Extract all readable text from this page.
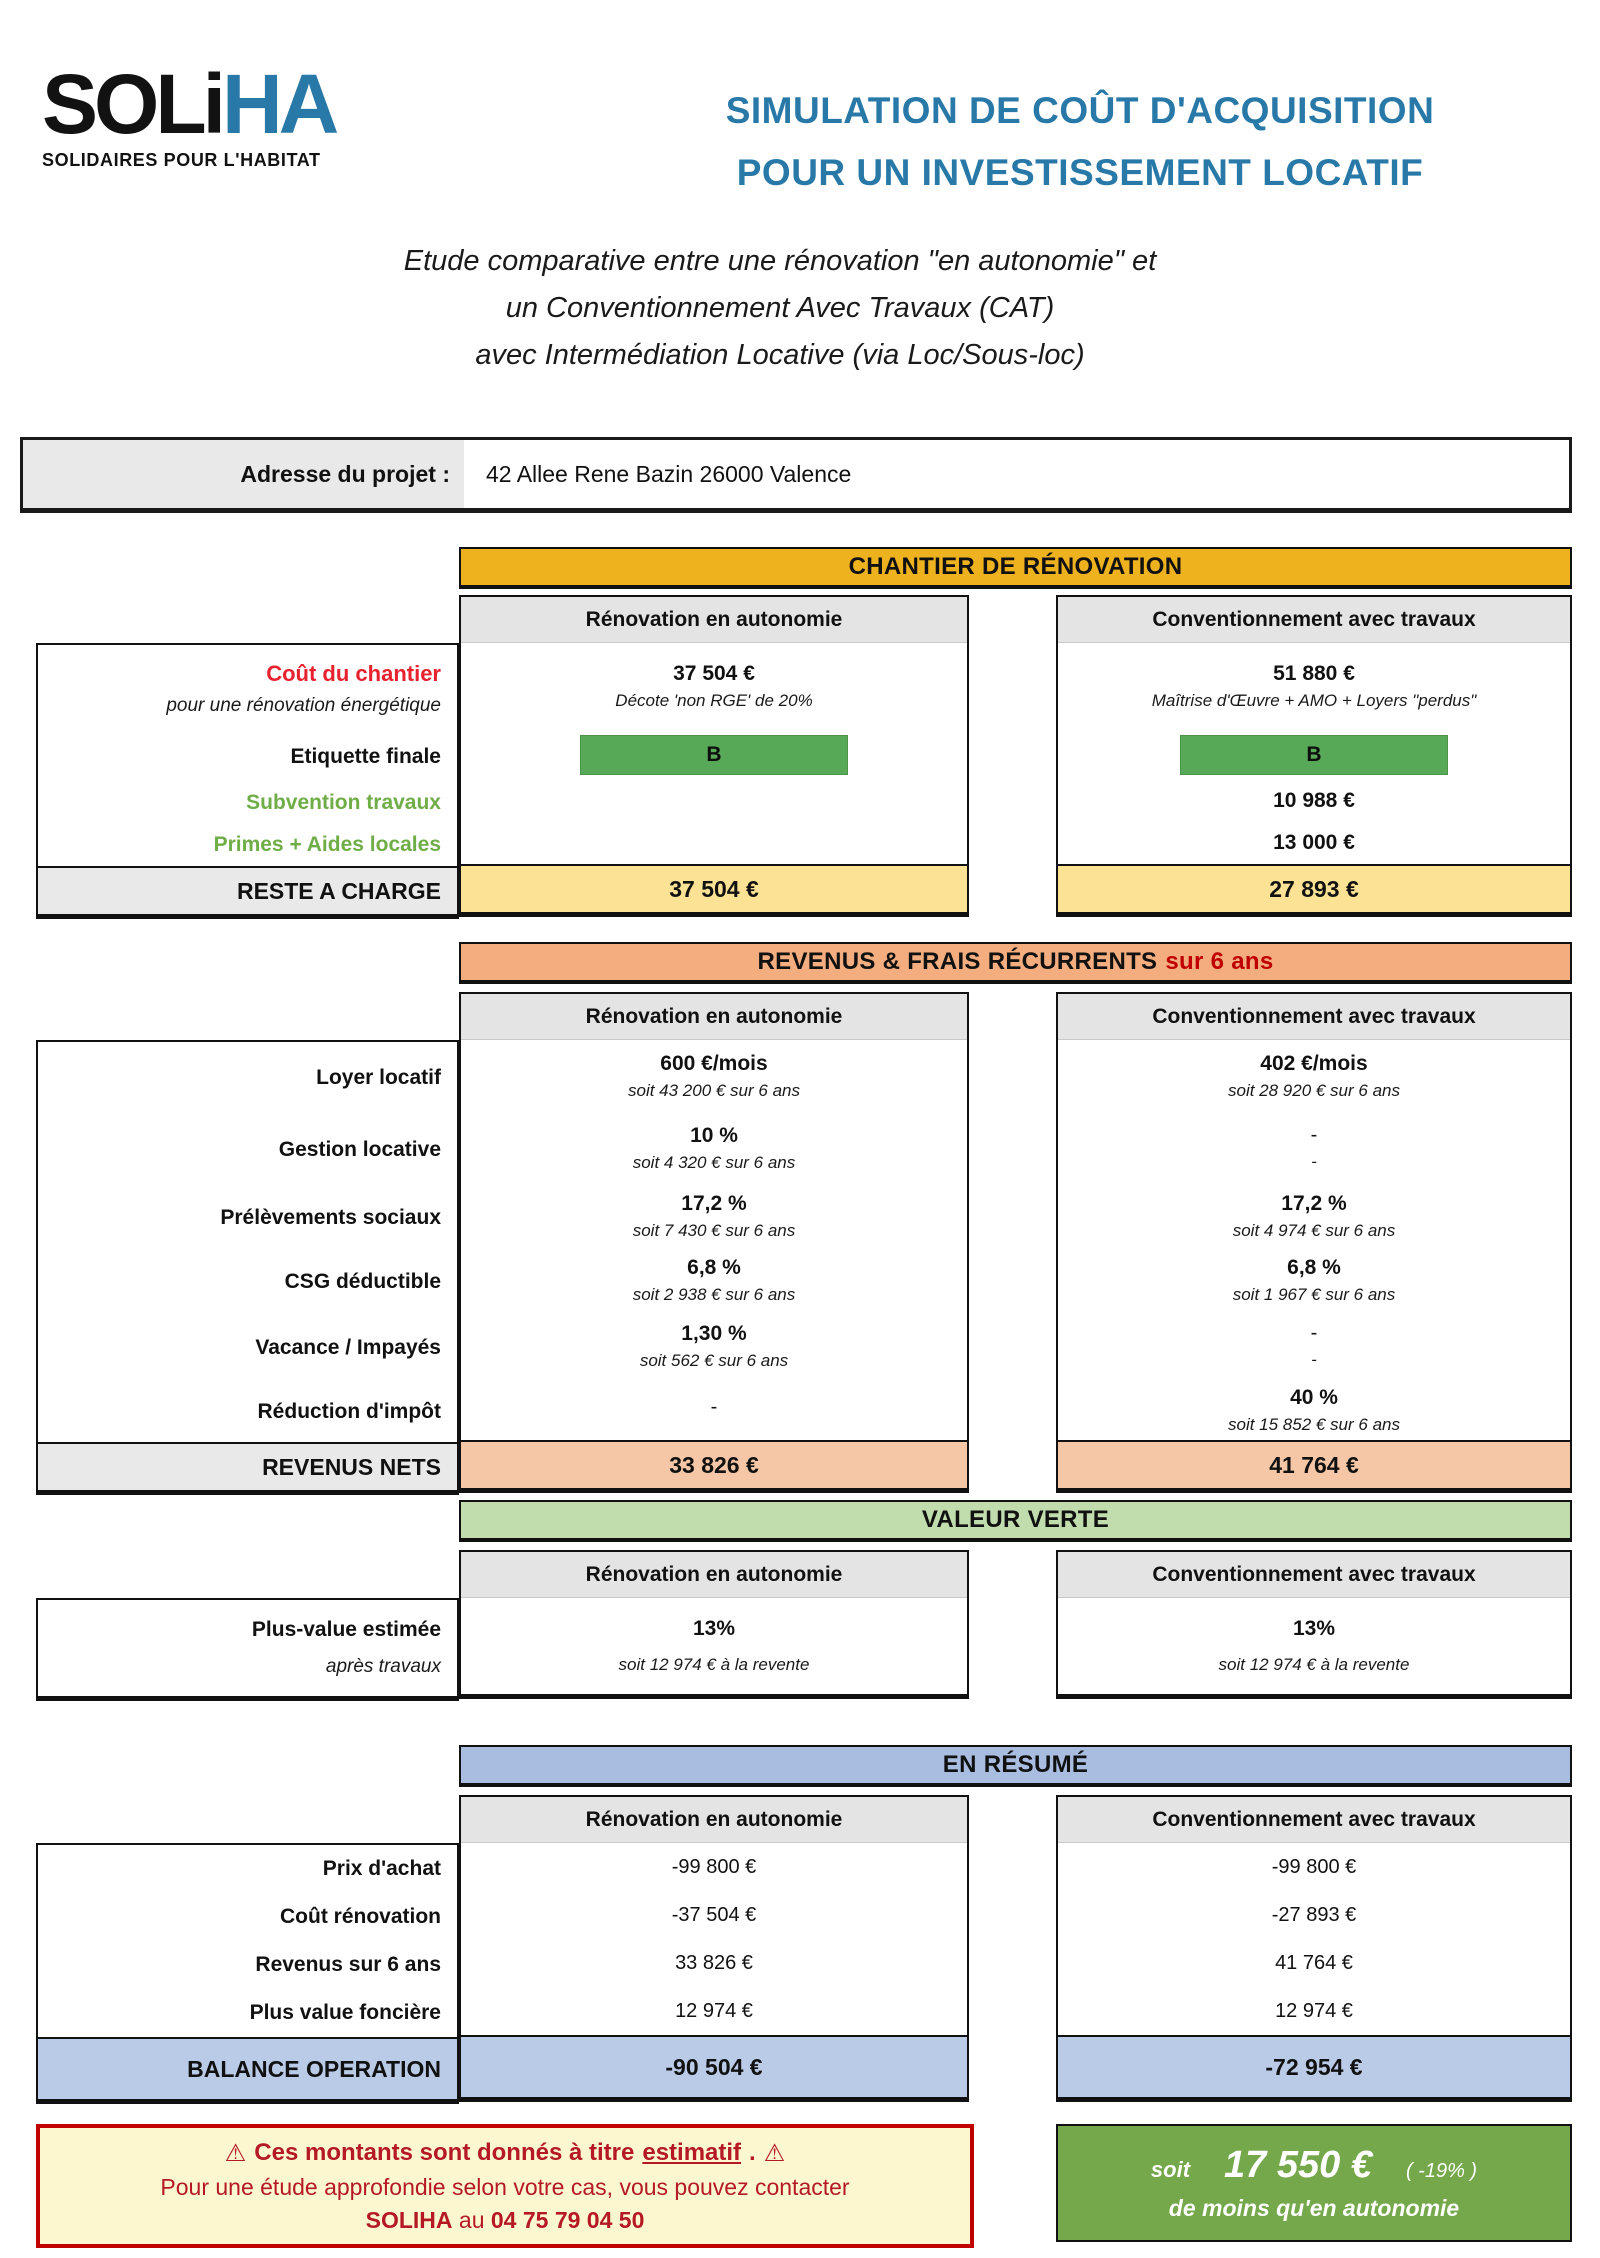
SOLiHA
SOLIDAIRES POUR L'HABITAT
SIMULATION DE COÛT D'ACQUISITION
POUR UN INVESTISSEMENT LOCATIF
Etude comparative entre une rénovation "en autonomie" et
un Conventionnement Avec Travaux (CAT)
avec Intermédiation Locative (via Loc/Sous-loc)
Adresse du projet :	42 Allee Rene Bazin 26000 Valence
CHANTIER DE RÉNOVATION
Coût du chantier
pour une rénovation énergétique
Etiquette finale
Subvention travaux
Primes + Aides locales
RESTE A CHARGE
Rénovation en autonomie
37 504 €
Décote 'non RGE' de 20%
B
37 504 €
Conventionnement avec travaux
51 880 €
Maîtrise d'Œuvre + AMO + Loyers "perdus"
B
10 988 €
13 000 €
27 893 €
REVENUS & FRAIS RÉCURRENTS sur 6 ans
Loyer locatif
Gestion locative
Prélèvements sociaux
CSG déductible
Vacance / Impayés
Réduction d'impôt
REVENUS NETS
Rénovation en autonomie
600 €/mois
soit 43 200 € sur 6 ans
10 %
soit 4 320 € sur 6 ans
17,2 %
soit 7 430 € sur 6 ans
6,8 %
soit 2 938 € sur 6 ans
1,30 %
soit 562 € sur 6 ans
-
33 826 €
Conventionnement avec travaux
402 €/mois
soit 28 920 € sur 6 ans
-
-
17,2 %
soit 4 974 € sur 6 ans
6,8 %
soit 1 967 € sur 6 ans
-
-
40 %
soit 15 852 € sur 6 ans
41 764 €
VALEUR VERTE
Plus-value estimée
après travaux
Rénovation en autonomie
13%
soit 12 974 € à la revente
Conventionnement avec travaux
13%
soit 12 974 € à la revente
EN RÉSUMÉ
Prix d'achat
Coût rénovation
Revenus sur 6 ans
Plus value foncière
BALANCE OPERATION
Rénovation en autonomie
-99 800 €
-37 504 €
33 826 €
12 974 €
-90 504 €
Conventionnement avec travaux
-99 800 €
-27 893 €
41 764 €
12 974 €
-72 954 €
⚠ Ces montants sont donnés à titre estimatif . ⚠
Pour une étude approfondie selon votre cas, vous pouvez contacter
SOLIHA au 04 75 79 04 50
soit 17 550 € ( -19% )
de moins qu'en autonomie
